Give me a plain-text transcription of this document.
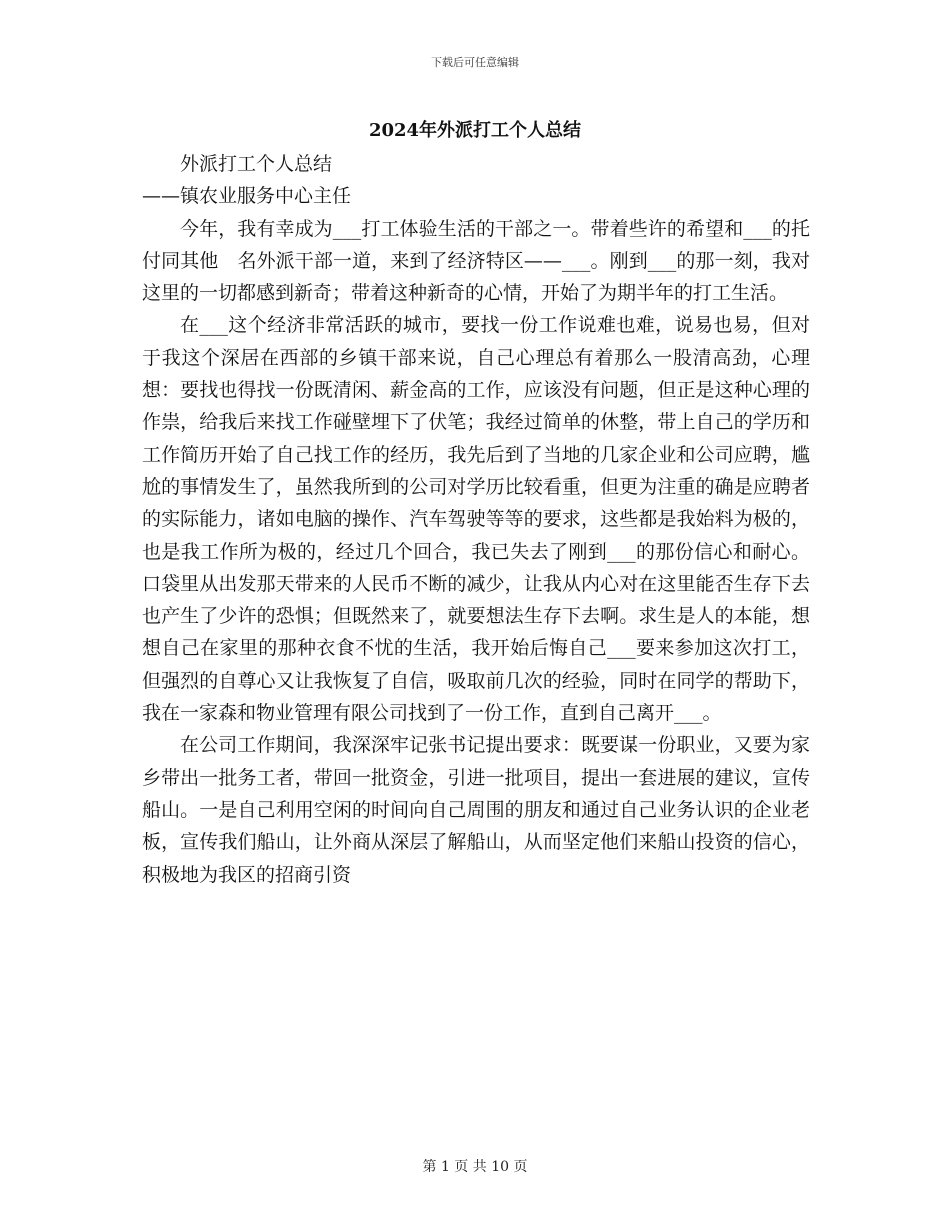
下载后可任意编辑
2024年外派打工个人总结

外派打工个人总结

——镇农业服务中心主任

今年，我有幸成为___打工体验生活的干部之一。带着些许的希望和___的托付同其他　名外派干部一道，来到了经济特区——___。刚到___的那一刻，我对这里的一切都感到新奇；带着这种新奇的心情，开始了为期半年的打工生活。

在___这个经济非常活跃的城市，要找一份工作说难也难，说易也易，但对于我这个深居在西部的乡镇干部来说，自己心理总有着那么一股清高劲，心理想：要找也得找一份既清闲、薪金高的工作，应该没有问题，但正是这种心理的作祟，给我后来找工作碰壁埋下了伏笔；我经过简单的休整，带上自己的学历和工作简历开始了自己找工作的经历，我先后到了当地的几家企业和公司应聘，尴尬的事情发生了，虽然我所到的公司对学历比较看重，但更为注重的确是应聘者的实际能力，诸如电脑的操作、汽车驾驶等等的要求，这些都是我始料为极的，也是我工作所为极的，经过几个回合，我已失去了刚到___的那份信心和耐心。口袋里从出发那天带来的人民币不断的减少，让我从内心对在这里能否生存下去也产生了少许的恐惧；但既然来了，就要想法生存下去啊。求生是人的本能，想想自己在家里的那种衣食不忧的生活，我开始后悔自己___要来参加这次打工，但强烈的自尊心又让我恢复了自信，吸取前几次的经验，同时在同学的帮助下，我在一家森和物业管理有限公司找到了一份工作，直到自己离开___。

在公司工作期间，我深深牢记张书记提出要求：既要谋一份职业，又要为家乡带出一批务工者，带回一批资金，引进一批项目，提出一套进展的建议，宣传船山。一是自己利用空闲的时间向自己周围的朋友和通过自己业务认识的企业老板，宣传我们船山，让外商从深层了解船山，从而坚定他们来船山投资的信心，积极地为我区的招商引资

第 1 页 共 10 页
